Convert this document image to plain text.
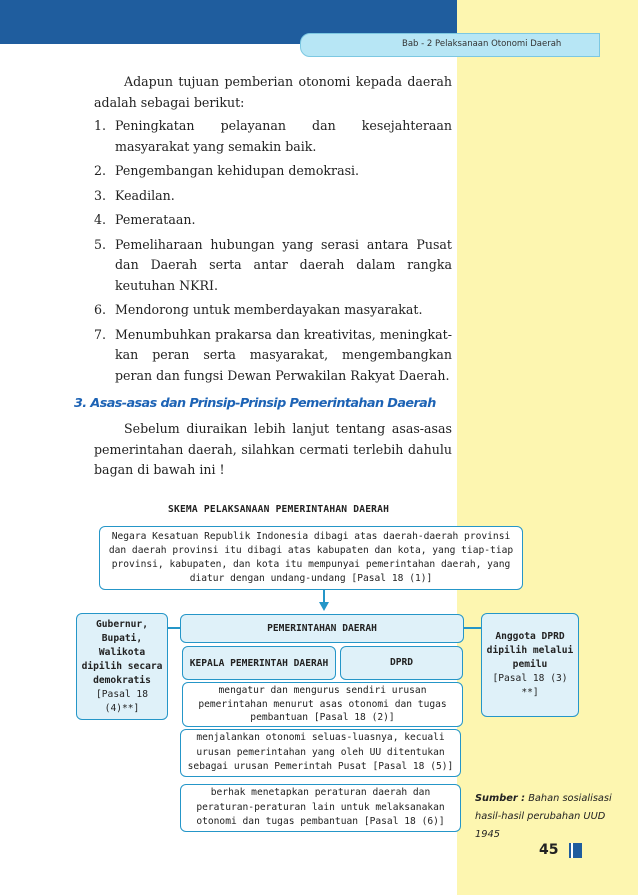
Bab - 2 Pelaksanaan Otonomi Daerah

Adapun tujuan pemberian otonomi kepada daerah adalah sebagai berikut:

1. Peningkatan pelayanan dan kesejahteraan masyarakat yang semakin baik.
2. Pengembangan kehidupan demokrasi.
3. Keadilan.
4. Pemerataan.
5. Pemeliharaan hubungan yang serasi antara Pusat dan Daerah serta antar daerah dalam rangka keutuhan NKRI.
6. Mendorong untuk memberdayakan masyarakat.
7. Menumbuhkan prakarsa dan kreativitas, meningkat-kan peran serta masyarakat, mengembangkan peran dan fungsi Dewan Perwakilan Rakyat Daerah.
3. Asas-asas dan Prinsip-Prinsip Pemerintahan Daerah

Sebelum diuraikan lebih lanjut tentang asas-asas pemerintahan daerah, silahkan cermati terlebih dahulu bagan di bawah ini !

SKEMA PELAKSANAAN PEMERINTAHAN DAERAH
Negara Kesatuan Republik Indonesia dibagi atas daerah-daerah provinsi dan daerah provinsi itu dibagi atas kabupaten dan kota, yang tiap-tiap provinsi, kabupaten, dan kota itu mempunyai pemerintahan daerah, yang diatur dengan undang-undang [Pasal 18 (1)]
Gubernur, Bupati, Walikota dipilih secara demokratis
[Pasal 18 (4)**]
PEMERINTAHAN DAERAH
KEPALA PEMERINTAH DAERAH	DPRD
Anggota DPRD dipilih melalui pemilu
[Pasal 18 (3) **]
mengatur dan mengurus sendiri urusan pemerintahan menurut asas otonomi dan tugas pembantuan [Pasal 18 (2)]
menjalankan otonomi seluas-luasnya, kecuali urusan pemerintahan yang oleh UU ditentukan sebagai urusan Pemerintah Pusat [Pasal 18 (5)]
berhak menetapkan peraturan daerah dan peraturan-peraturan lain untuk melaksanakan otonomi dan tugas pembantuan [Pasal 18 (6)]
Sumber : Bahan sosialisasi hasil-hasil perubahan UUD 1945
45
